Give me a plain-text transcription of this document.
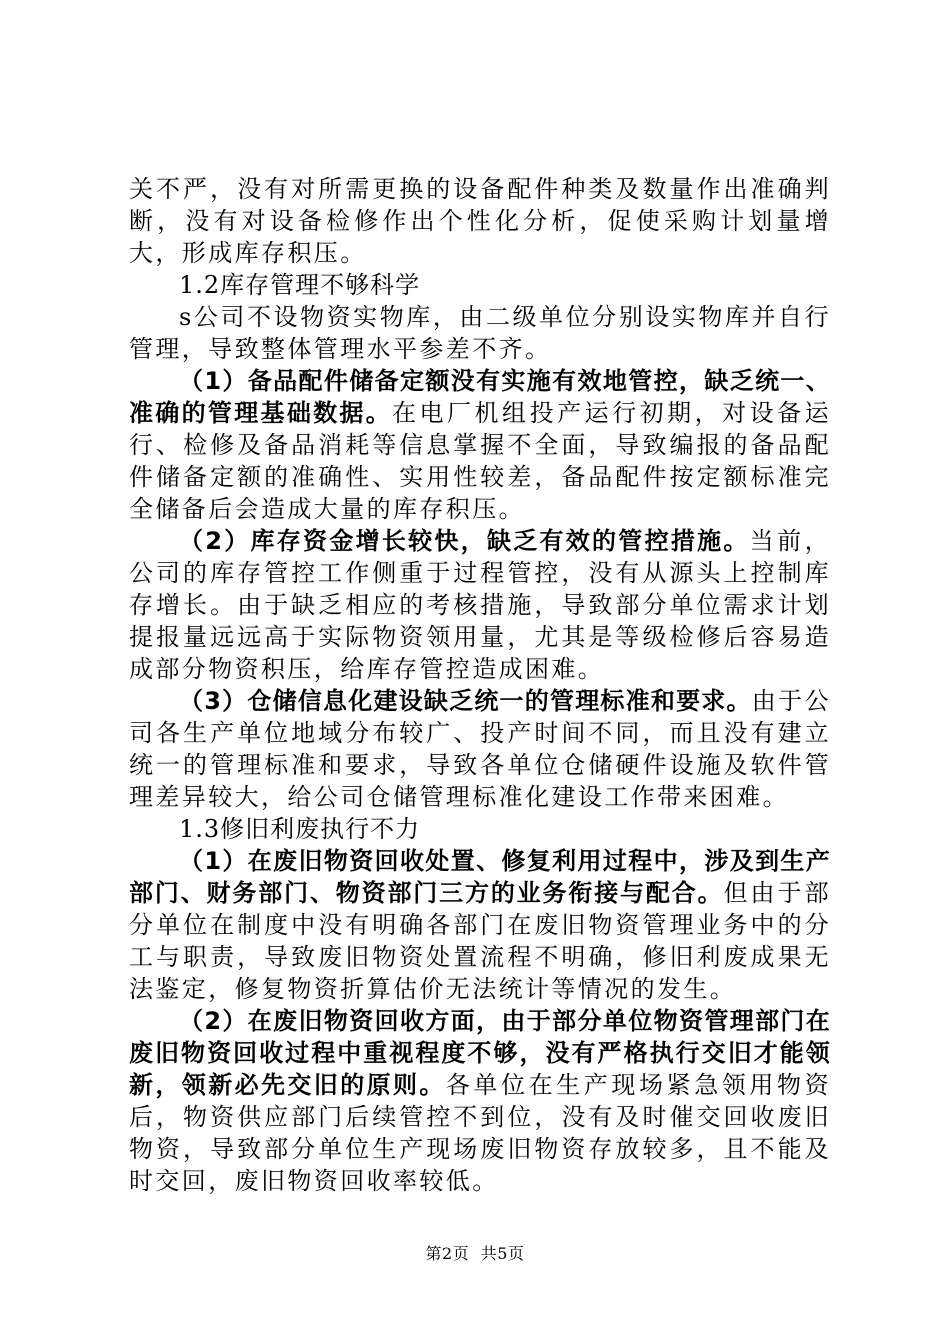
关不严，没有对所需更换的设备配件种类及数量作出准确判断，没有对设备检修作出个性化分析，促使采购计划量增大，形成库存积压。

1.2库存管理不够科学

s公司不设物资实物库，由二级单位分别设实物库并自行管理，导致整体管理水平参差不齐。

（1）备品配件储备定额没有实施有效地管控，缺乏统一、准确的管理基础数据。在电厂机组投产运行初期，对设备运行、检修及备品消耗等信息掌握不全面，导致编报的备品配件储备定额的准确性、实用性较差，备品配件按定额标准完全储备后会造成大量的库存积压。

（2）库存资金增长较快，缺乏有效的管控措施。当前，公司的库存管控工作侧重于过程管控，没有从源头上控制库存增长。由于缺乏相应的考核措施，导致部分单位需求计划提报量远远高于实际物资领用量，尤其是等级检修后容易造成部分物资积压，给库存管控造成困难。

（3）仓储信息化建设缺乏统一的管理标准和要求。由于公司各生产单位地域分布较广、投产时间不同，而且没有建立统一的管理标准和要求，导致各单位仓储硬件设施及软件管理差异较大，给公司仓储管理标准化建设工作带来困难。

1.3修旧利废执行不力

（1）在废旧物资回收处置、修复利用过程中，涉及到生产部门、财务部门、物资部门三方的业务衔接与配合。但由于部分单位在制度中没有明确各部门在废旧物资管理业务中的分工与职责，导致废旧物资处置流程不明确，修旧利废成果无法鉴定，修复物资折算估价无法统计等情况的发生。

（2）在废旧物资回收方面，由于部分单位物资管理部门在废旧物资回收过程中重视程度不够，没有严格执行交旧才能领新，领新必先交旧的原则。各单位在生产现场紧急领用物资后，物资供应部门后续管控不到位，没有及时催交回收废旧物资，导致部分单位生产现场废旧物资存放较多，且不能及时交回，废旧物资回收率较低。

第2页 共5页
